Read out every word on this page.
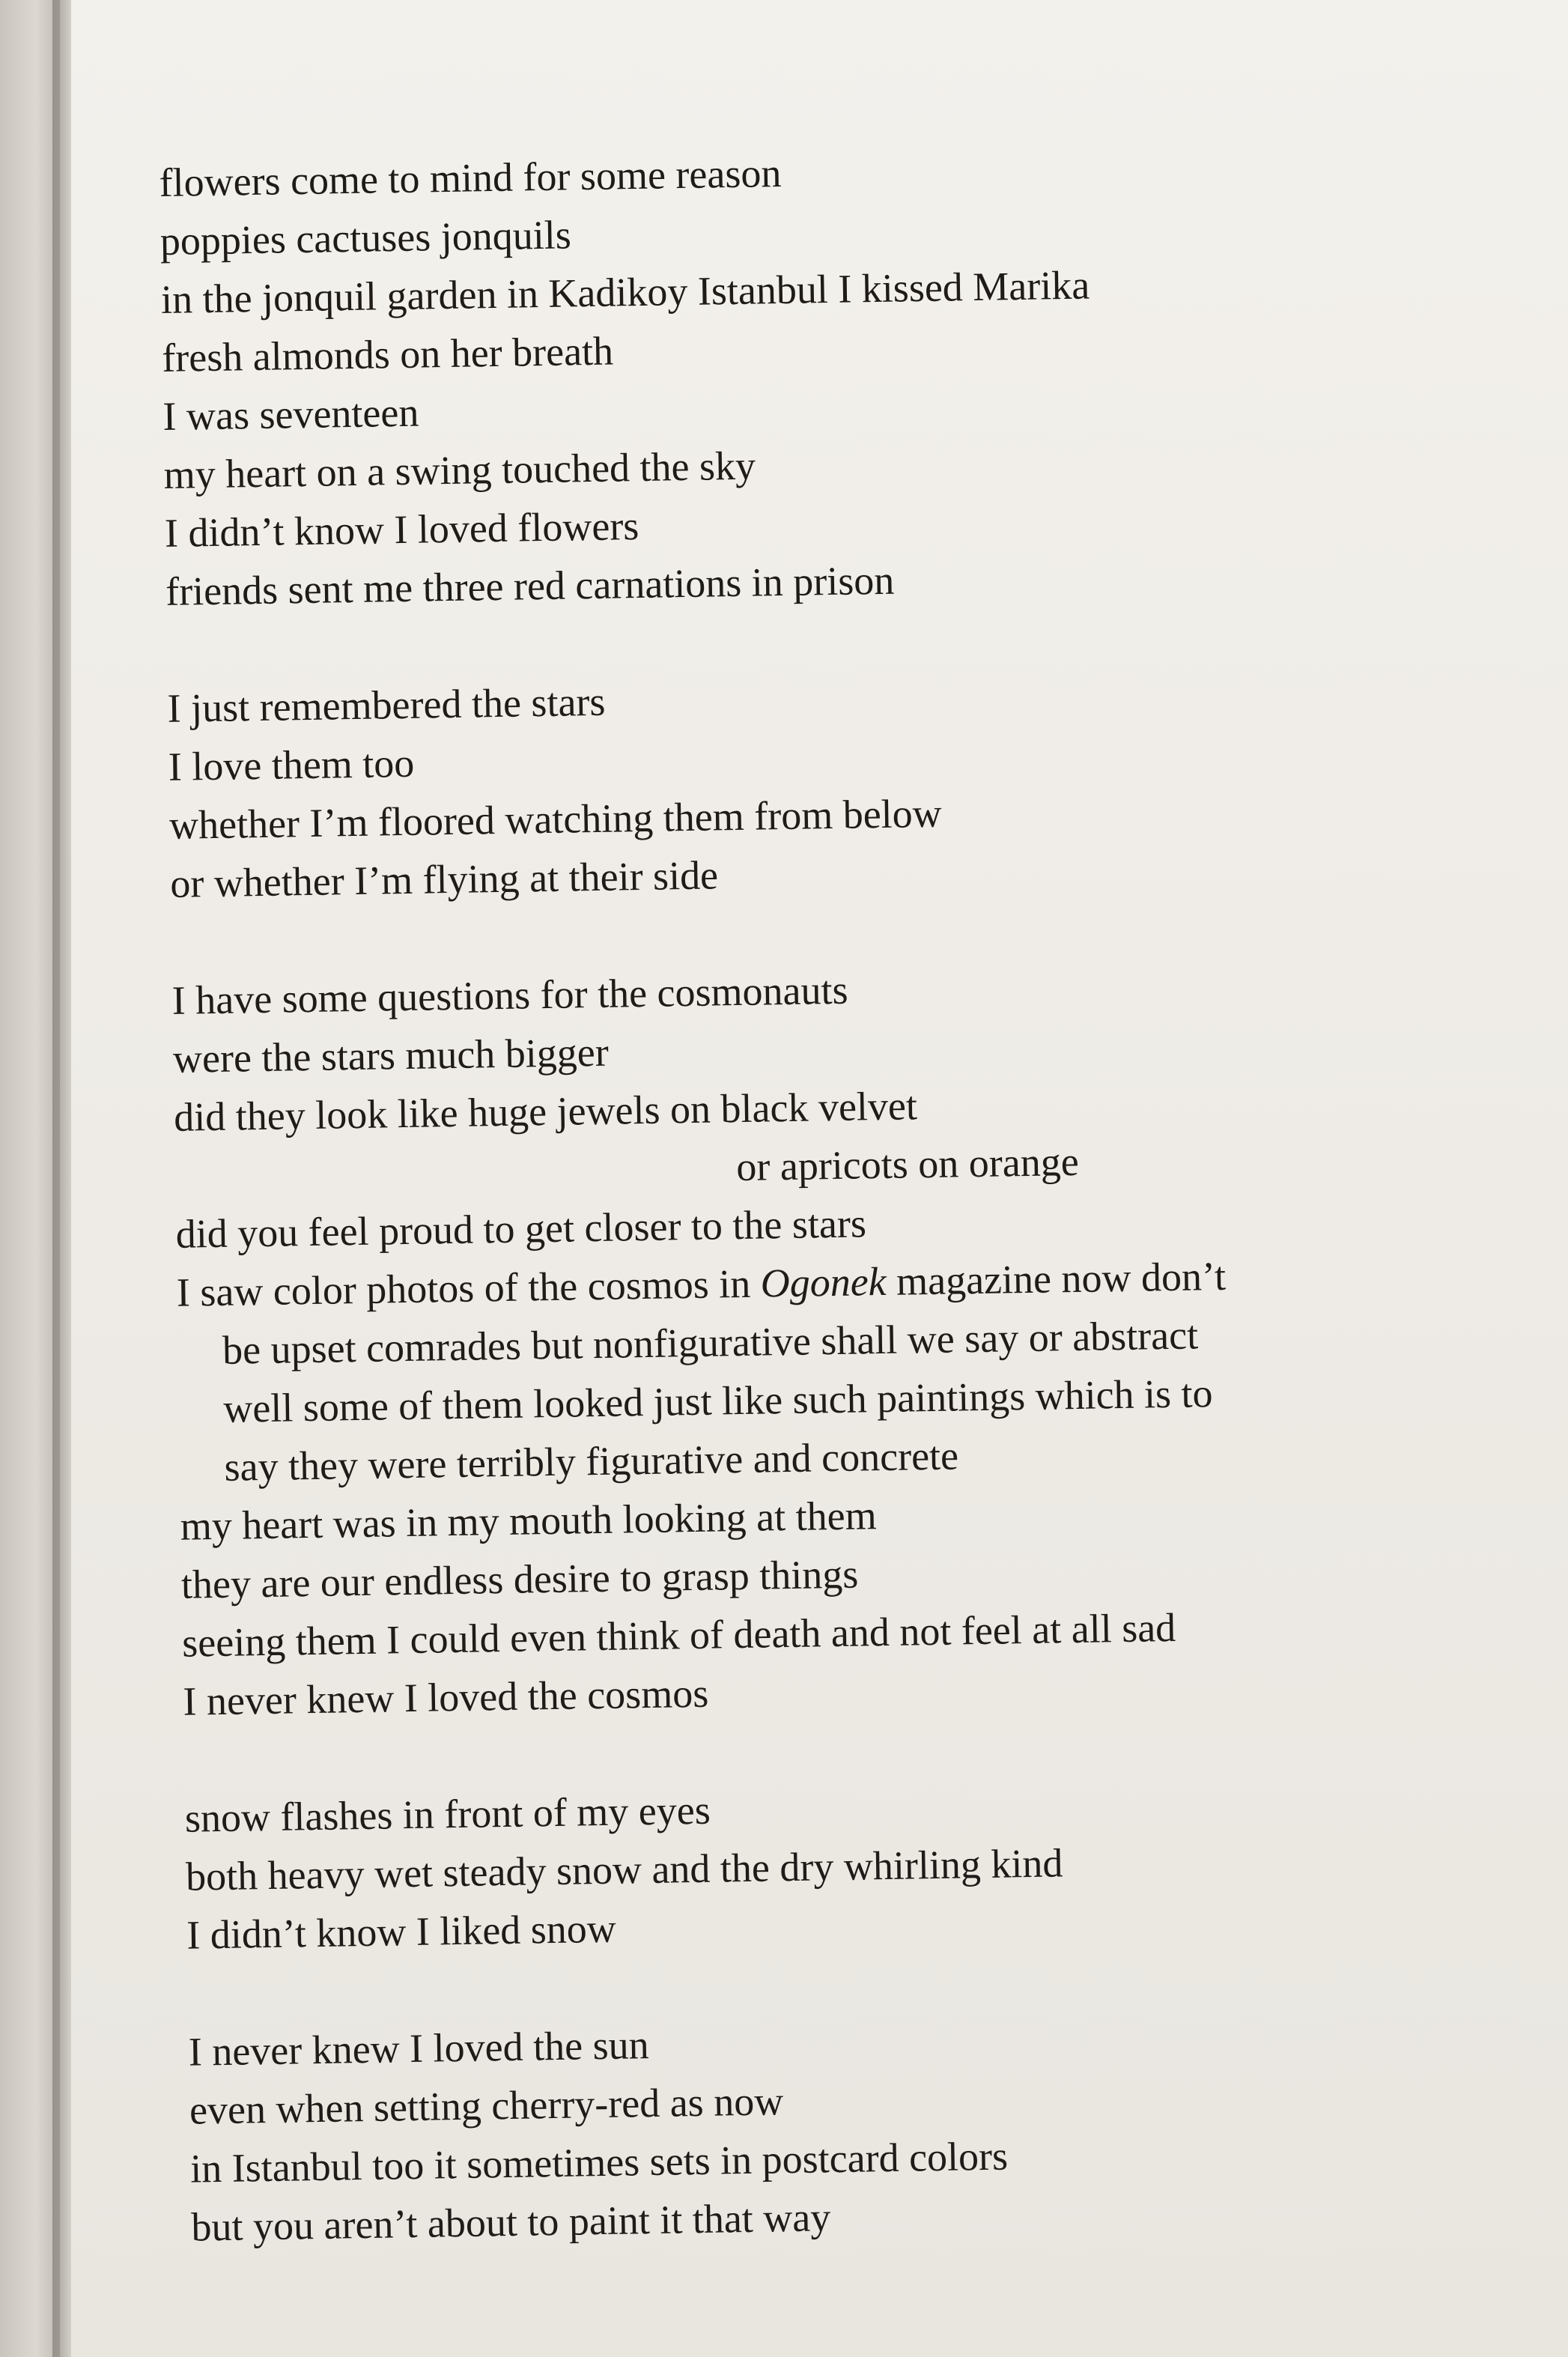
flowers come to mind for some reason
poppies cactuses jonquils
in the jonquil garden in Kadikoy Istanbul I kissed Marika
fresh almonds on her breath
I was seventeen
my heart on a swing touched the sky
I didn’t know I loved flowers
friends sent me three red carnations in prison
I just remembered the stars
I love them too
whether I’m floored watching them from below
or whether I’m flying at their side
I have some questions for the cosmonauts
were the stars much bigger
did they look like huge jewels on black velvet
or apricots on orange
did you feel proud to get closer to the stars
I saw color photos of the cosmos in Ogonek magazine now don’t
be upset comrades but nonfigurative shall we say or abstract
well some of them looked just like such paintings which is to
say they were terribly figurative and concrete
my heart was in my mouth looking at them
they are our endless desire to grasp things
seeing them I could even think of death and not feel at all sad
I never knew I loved the cosmos
snow flashes in front of my eyes
both heavy wet steady snow and the dry whirling kind
I didn’t know I liked snow
I never knew I loved the sun
even when setting cherry-red as now
in Istanbul too it sometimes sets in postcard colors
but you aren’t about to paint it that way
